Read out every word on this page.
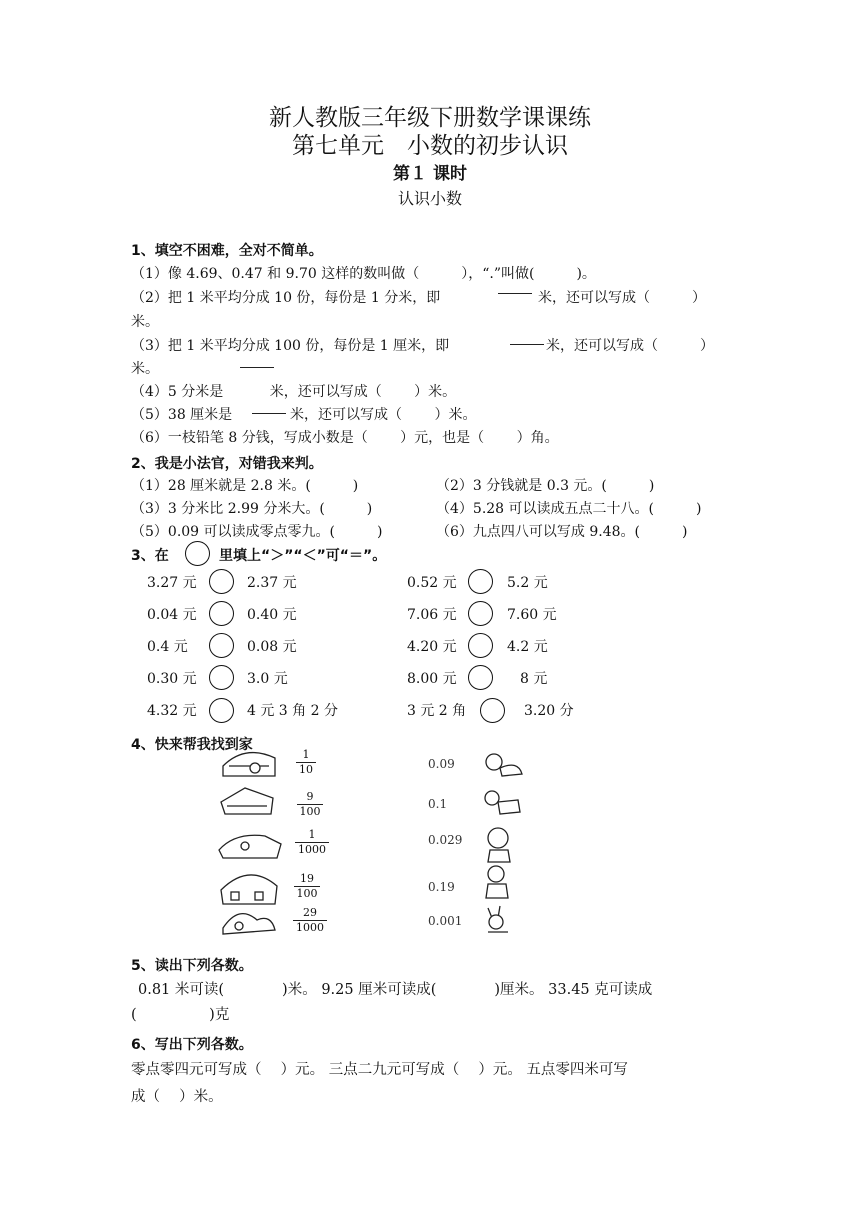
新人教版三年级下册数学课课练
第七单元　小数的初步认识
第１ 课时
认识小数
1、填空不困难，全对不简单。
（1）像 4.69、0.47 和 9.70 这样的数叫做（　　　），“.”叫做(　　　)。
（2）把 1 米平均分成 10 份，每份是 1 分米，即

	米，还可以写成（　　　）
米。
（3）把 1 米平均分成 100 份，每份是 1 厘米，即

	米，还可以写成（　　　）
米。

（4）5 分米是　　　 米，还可以写成（　　 ）米。
（5）38 厘米是

	米，还可以写成（　　 ）米。
（6）一枝铅笔 8 分钱，写成小数是（　　 ）元，也是（　　 ）角。
2、我是小法官，对错我来判。
（1）28 厘米就是 2.8 米。(　　　)	（2）3 分钱就是 0.3 元。(　　　)
（3）3 分米比 2.99 分米大。(　　　)	（4）5.28 可以读成五点二十八。(　　　)
（5）0.09 可以读成零点零九。(　　　)	（6）九点四八可以写成 9.48。(　　　)
3、在	里填上“＞”“＜”可“＝”。
3.27 元	2.37 元	0.52 元	5.2 元
0.04 元	0.40 元	7.06 元	7.60 元
0.4 元	0.08 元	4.20 元	4.2 元
0.30 元	3.0 元	8.00 元	8 元
4.32 元	4 元 3 角 2 分	3 元 2 角	3.20 分
4、快来帮我找到家
1
10
9
100
1
1000
19
100
29
1000
0.09
0.1
0.029
0.19
0.001
5、读出下列各数。
0.81 米可读(　　　　)米。 9.25 厘米可读成(　　　　)厘米。 33.45 克可读成
(　　　　　)克
6、写出下列各数。
零点零四元可写成（　 ）元。 三点二九元可写成（　 ）元。 五点零四米可写
成（　 ）米。
